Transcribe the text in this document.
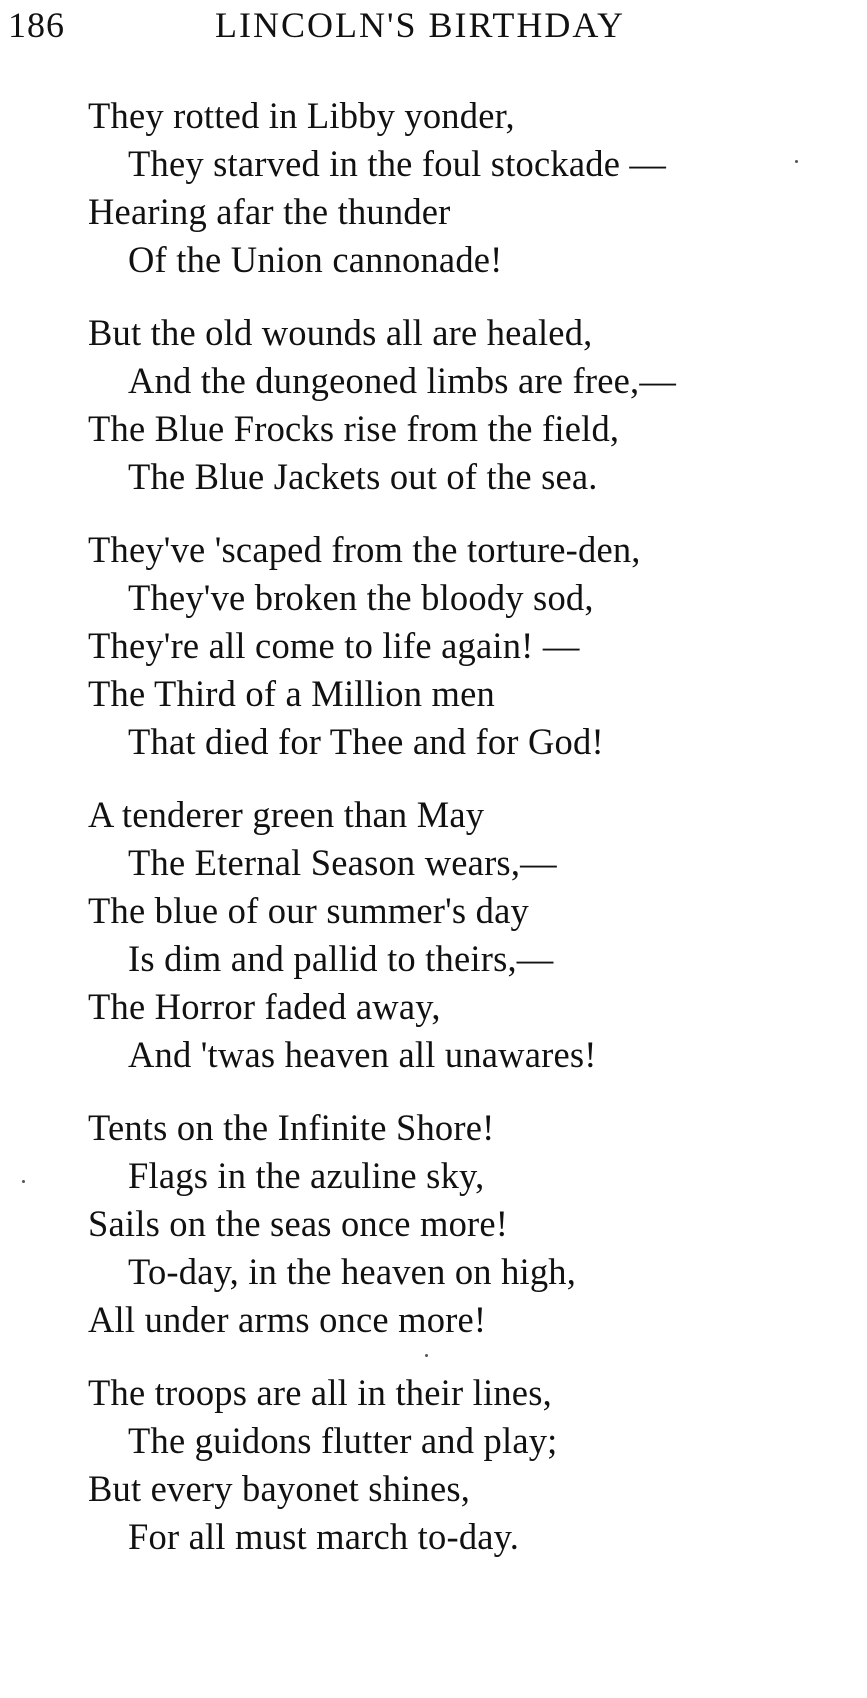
186	LINCOLN'S BIRTHDAY
They rotted in Libby yonder,
They starved in the foul stockade —
Hearing afar the thunder
Of the Union cannonade!
But the old wounds all are healed,
And the dungeoned limbs are free,—
The Blue Frocks rise from the field,
The Blue Jackets out of the sea.
They've 'scaped from the torture-den,
They've broken the bloody sod,
They're all come to life again! —
The Third of a Million men
That died for Thee and for God!
A tenderer green than May
The Eternal Season wears,—
The blue of our summer's day
Is dim and pallid to theirs,—
The Horror faded away,
And 'twas heaven all unawares!
Tents on the Infinite Shore!
Flags in the azuline sky,
Sails on the seas once more!
To-day, in the heaven on high,
All under arms once more!
The troops are all in their lines,
The guidons flutter and play;
But every bayonet shines,
For all must march to-day.
